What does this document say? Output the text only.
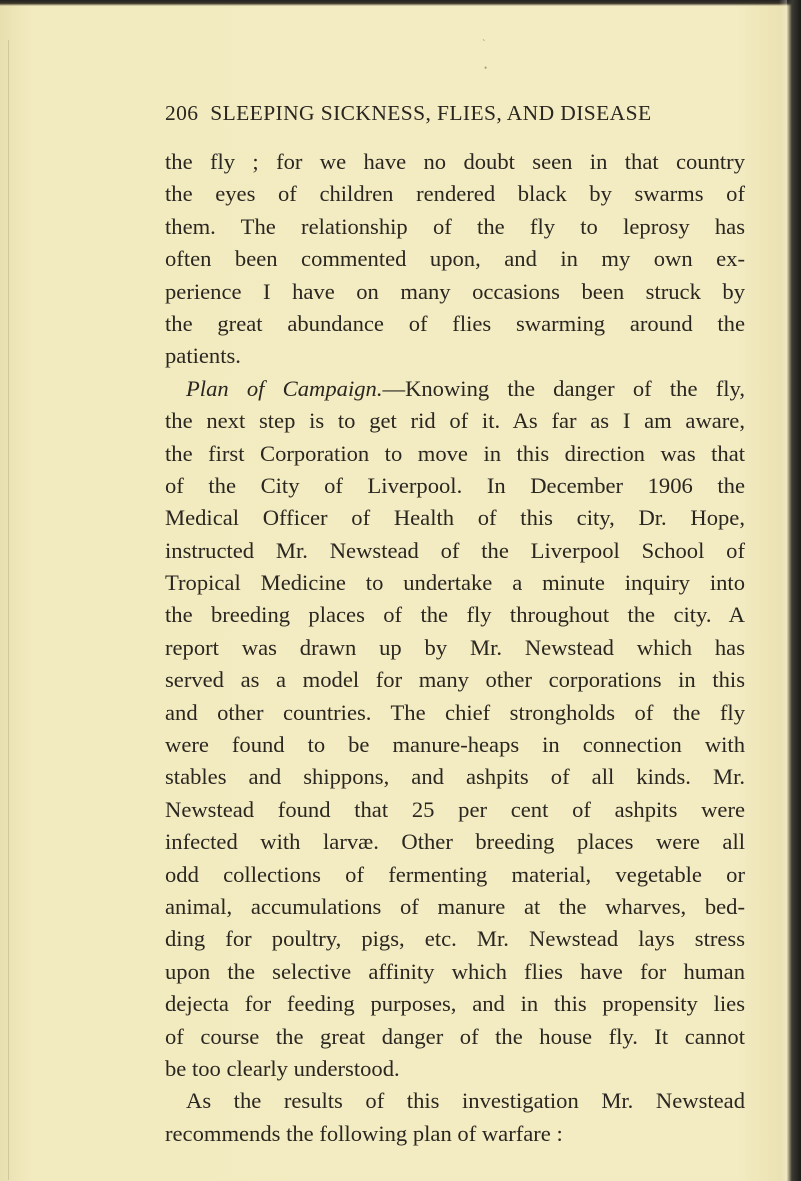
`
•
206 SLEEPING SICKNESS, FLIES, AND DISEASE
the fly ; for we have no doubt seen in that country
the eyes of children rendered black by swarms of
them. The relationship of the fly to leprosy has
often been commented upon, and in my own ex-
perience I have on many occasions been struck by
the great abundance of flies swarming around the
patients.
Plan of Campaign.—Knowing the danger of the fly,
the next step is to get rid of it. As far as I am aware,
the first Corporation to move in this direction was that
of the City of Liverpool. In December 1906 the
Medical Officer of Health of this city, Dr. Hope,
instructed Mr. Newstead of the Liverpool School of
Tropical Medicine to undertake a minute inquiry into
the breeding places of the fly throughout the city. A
report was drawn up by Mr. Newstead which has
served as a model for many other corporations in this
and other countries. The chief strongholds of the fly
were found to be manure-heaps in connection with
stables and shippons, and ashpits of all kinds. Mr.
Newstead found that 25 per cent of ashpits were
infected with larvæ. Other breeding places were all
odd collections of fermenting material, vegetable or
animal, accumulations of manure at the wharves, bed-
ding for poultry, pigs, etc. Mr. Newstead lays stress
upon the selective affinity which flies have for human
dejecta for feeding purposes, and in this propensity lies
of course the great danger of the house fly. It cannot
be too clearly understood.
As the results of this investigation Mr. Newstead
recommends the following plan of warfare :
